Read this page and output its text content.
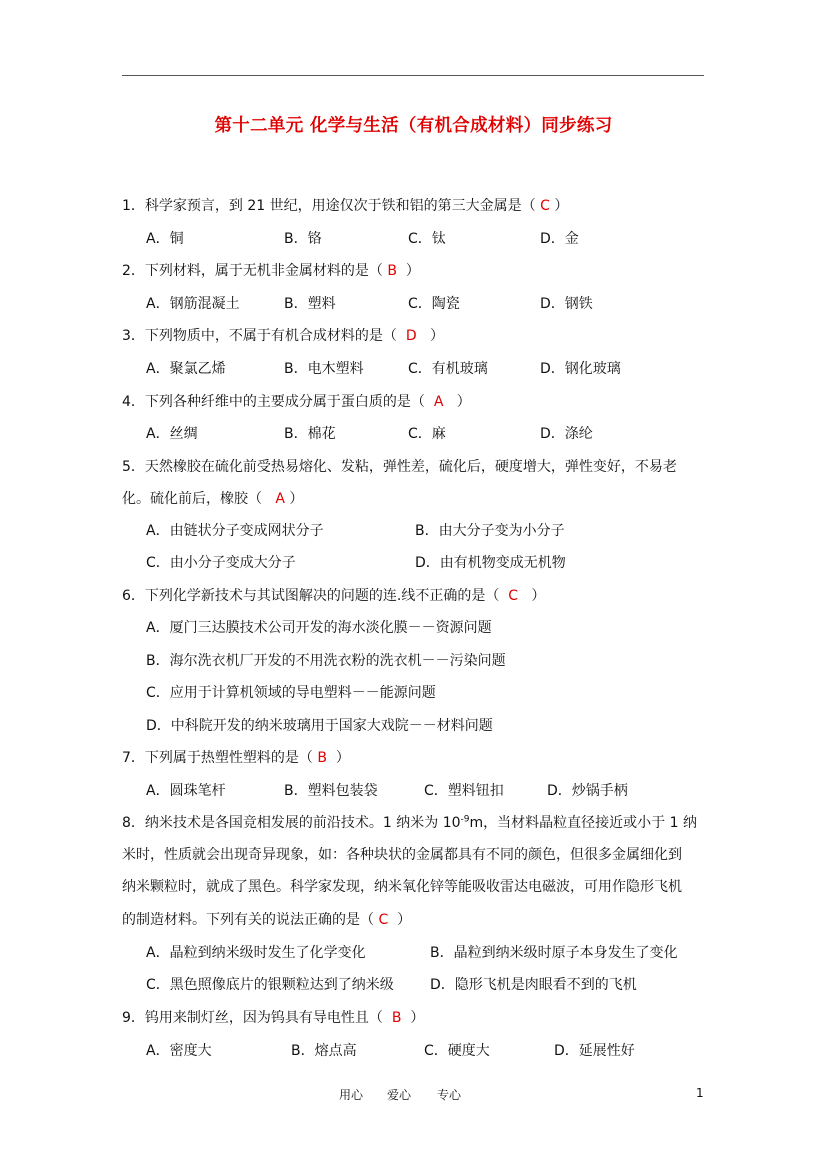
第十二单元 化学与生活（有机合成材料）同步练习
1．科学家预言，到 21 世纪，用途仅次于铁和铝的第三大金属是（ C ）
A．铜	B．铬	C．钛	D．金
2．下列材料，属于无机非金属材料的是（ B ）
A．钢筋混凝土	B．塑料	C．陶瓷	D．钢铁
3．下列物质中，不属于有机合成材料的是（ D ）
A．聚氯乙烯	B．电木塑料	C．有机玻璃	D．钢化玻璃
4．下列各种纤维中的主要成分属于蛋白质的是（ A ）
A．丝绸	B．棉花	C．麻	D．涤纶
5．天然橡胶在硫化前受热易熔化、发粘，弹性差，硫化后，硬度增大，弹性变好，不易老
化。硫化前后，橡胶（ A ）
A．由链状分子变成网状分子	B．由大分子变为小分子
C．由小分子变成大分子	D．由有机物变成无机物
6．下列化学新技术与其试图解决的问题的连.线不正确的是（ C ）
A．厦门三达膜技术公司开发的海水淡化膜－－资源问题
B．海尔洗衣机厂开发的不用洗衣粉的洗衣机－－污染问题
C．应用于计算机领域的导电塑料－－能源问题
D．中科院开发的纳米玻璃用于国家大戏院－－材料问题
7．下列属于热塑性塑料的是（ B ）
A．圆珠笔杆	B．塑料包装袋	C．塑料钮扣	D．炒锅手柄
8．纳米技术是各国竞相发展的前沿技术。1 纳米为 $10^{-9}m$，当材料晶粒直径接近或小于 1 纳
米时，性质就会出现奇异现象，如：各种块状的金属都具有不同的颜色，但很多金属细化到
纳米颗粒时，就成了黑色。科学家发现，纳米氧化锌等能吸收雷达电磁波，可用作隐形飞机
的制造材料。下列有关的说法正确的是（ C ）
A．晶粒到纳米级时发生了化学变化	B．晶粒到纳米级时原子本身发生了变化
C．黑色照像底片的银颗粒达到了纳米级	D．隐形飞机是肉眼看不到的飞机
9．钨用来制灯丝，因为钨具有导电性且（ B ）
A．密度大	B．熔点高	C．硬度大	D．延展性好
用心 爱心 专心	1
